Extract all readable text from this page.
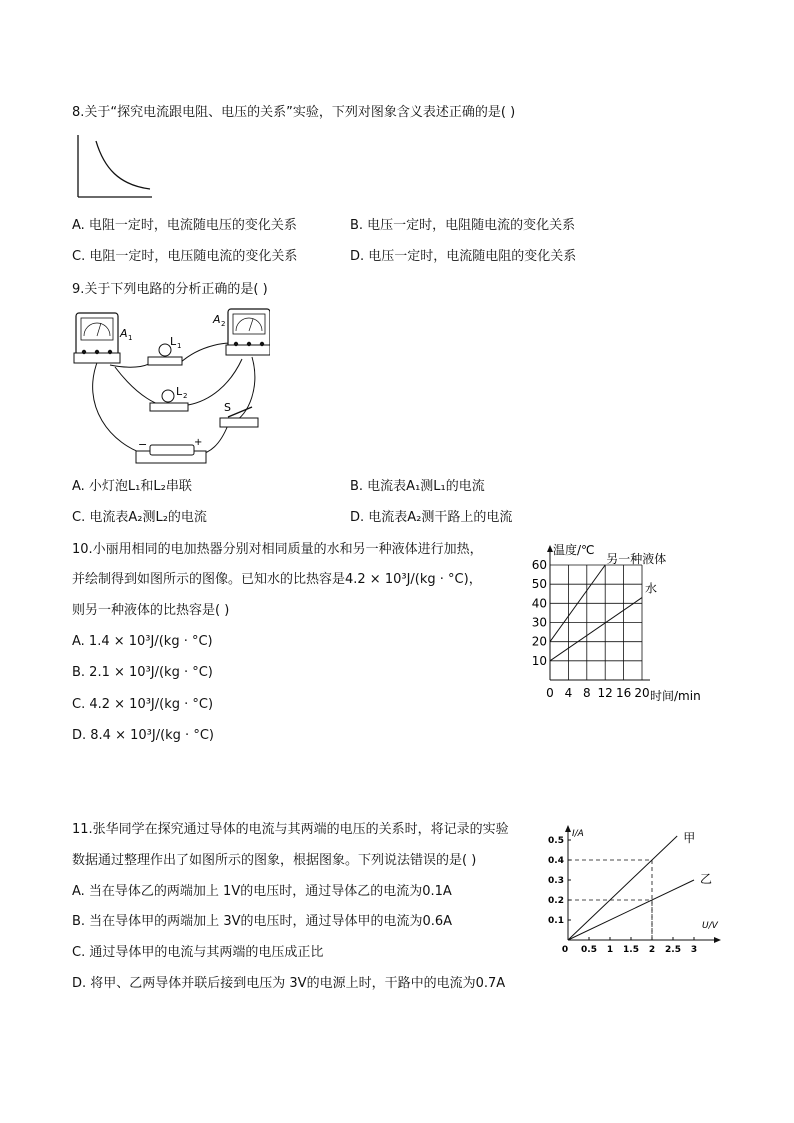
8.关于“探究电流跟电阻、电压的关系”实验，下列对图象含义表述正确的是( )
A. 电阻一定时，电流随电压的变化关系	B. 电压一定时，电阻随电流的变化关系
C. 电阻一定时，电压随电流的变化关系	D. 电压一定时，电流随电阻的变化关系
9.关于下列电路的分析正确的是( )
A 1
A 2
L 1
L 2
S
−	+
A. 小灯泡L₁和L₂串联	B. 电流表A₁测L₁的电流
C. 电流表A₂测L₂的电流	D. 电流表A₂测干路上的电流
10.小丽用相同的电加热器分别对相同质量的水和另一种液体进行加热，
并绘制得到如图所示的图像。已知水的比热容是4.2 × 10³J/(kg · °C)，
则另一种液体的比热容是( )
A. 1.4 × 10³J/(kg · °C)
B. 2.1 × 10³J/(kg · °C)
C. 4.2 × 10³J/(kg · °C)
D. 8.4 × 10³J/(kg · °C)
0 4 8 12 16 20
10
20
30
40
50
60
温度/℃
时间/min
另一种液体
水
11.张华同学在探究通过导体的电流与其两端的电压的关系时，将记录的实验
数据通过整理作出了如图所示的图象，根据图象。下列说法错误的是( )
A. 当在导体乙的两端加上 1V的电压时，通过导体乙的电流为0.1A
B. 当在导体甲的两端加上 3V的电压时，通过导体甲的电流为0.6A
C. 通过导体甲的电流与其两端的电压成正比
D. 将甲、乙两导体并联后接到电压为 3V的电源上时，干路中的电流为0.7A
0.1
0.2
0.3
0.4
0.5
0 0.5 1 1.5 2 2.5 3
I/A
U/V
甲
乙
